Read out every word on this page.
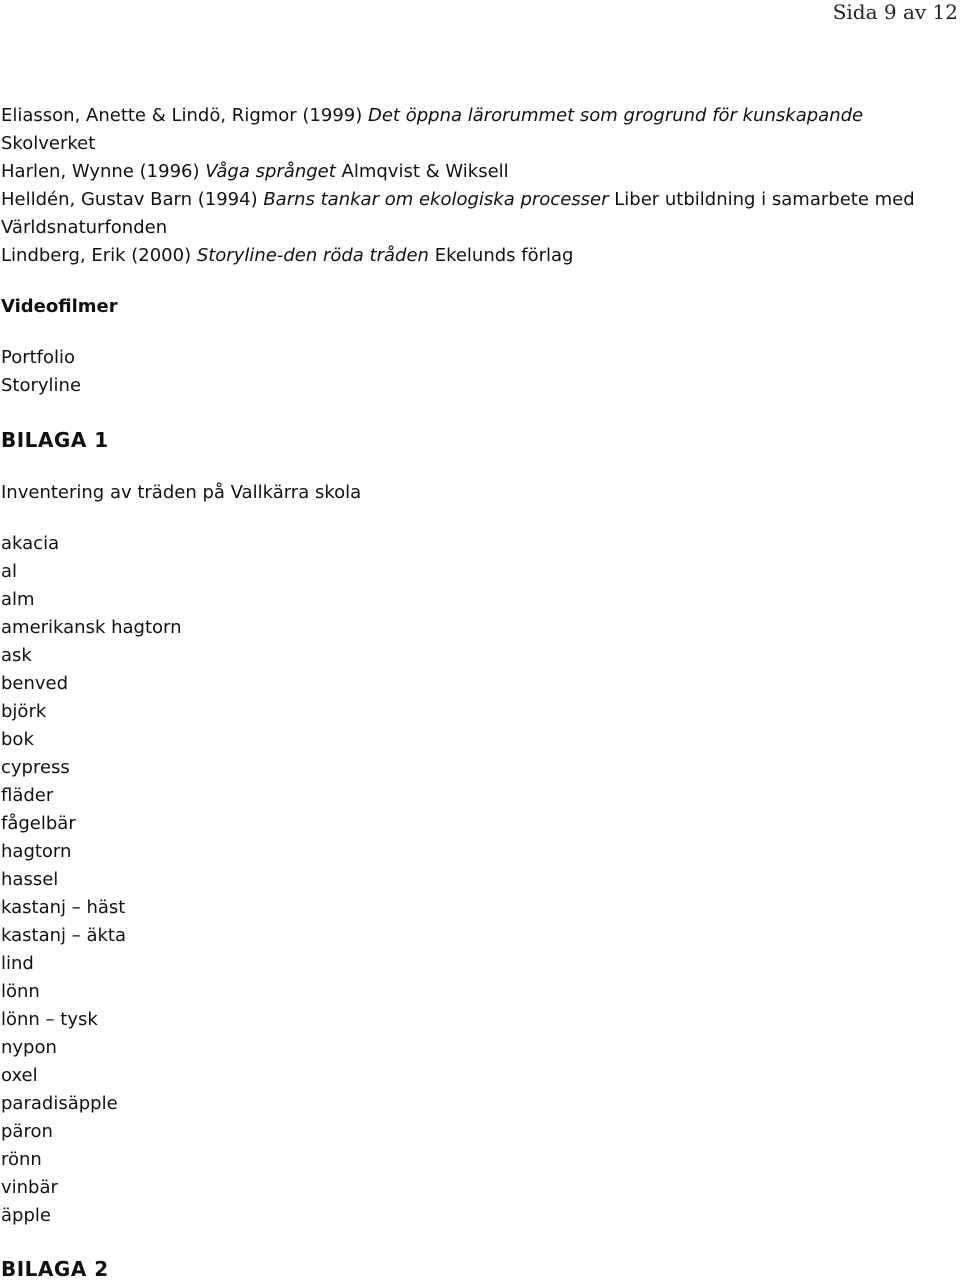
Sida 9 av 12
Eliasson, Anette & Lindö, Rigmor (1999) Det öppna lärorummet som grogrund för kunskapande
Skolverket
Harlen, Wynne (1996) Våga språnget Almqvist & Wiksell
Helldén, Gustav Barn (1994) Barns tankar om ekologiska processer Liber utbildning i samarbete med
Världsnaturfonden
Lindberg, Erik (2000) Storyline-den röda tråden Ekelunds förlag
Videofilmer
Portfolio
Storyline
BILAGA 1
Inventering av träden på Vallkärra skola
akacia
al
alm
amerikansk hagtorn
ask
benved
björk
bok
cypress
fläder
fågelbär
hagtorn
hassel
kastanj – häst
kastanj – äkta
lind
lönn
lönn – tysk
nypon
oxel
paradisäpple
päron
rönn
vinbär
äpple
BILAGA 2
